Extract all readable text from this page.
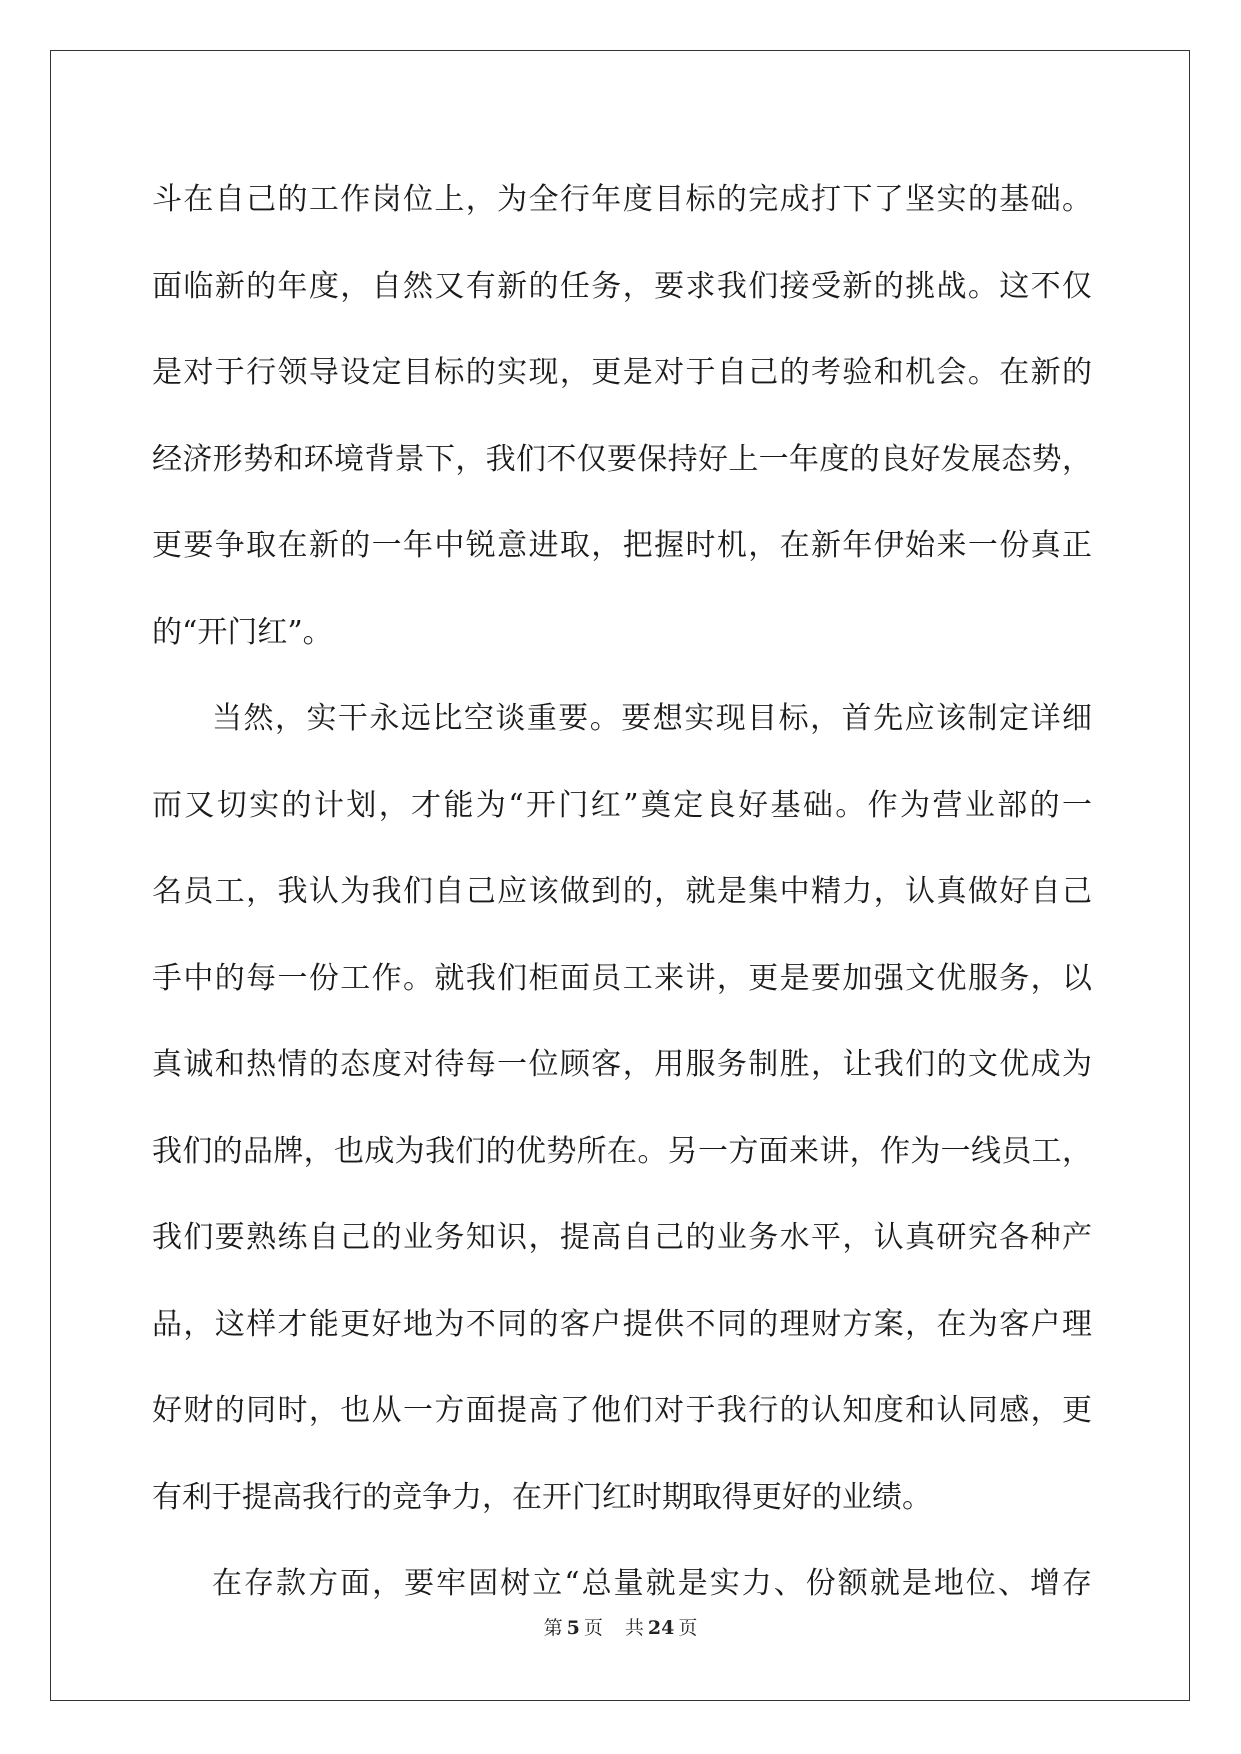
斗在自己的工作岗位上，为全行年度目标的完成打下了坚实的基础。
面临新的年度，自然又有新的任务，要求我们接受新的挑战。这不仅
是对于行领导设定目标的实现，更是对于自己的考验和机会。在新的
经济形势和环境背景下，我们不仅要保持好上一年度的良好发展态势，
更要争取在新的一年中锐意进取，把握时机，在新年伊始来一份真正
的“开门红”。
当然，实干永远比空谈重要。要想实现目标，首先应该制定详细
而又切实的计划，才能为“开门红”奠定良好基础。作为营业部的一
名员工，我认为我们自己应该做到的，就是集中精力，认真做好自己
手中的每一份工作。就我们柜面员工来讲，更是要加强文优服务，以
真诚和热情的态度对待每一位顾客，用服务制胜，让我们的文优成为
我们的品牌，也成为我们的优势所在。另一方面来讲，作为一线员工，
我们要熟练自己的业务知识，提高自己的业务水平，认真研究各种产
品，这样才能更好地为不同的客户提供不同的理财方案，在为客户理
好财的同时，也从一方面提高了他们对于我行的认知度和认同感，更
有利于提高我行的竞争力，在开门红时期取得更好的业绩。
在存款方面，要牢固树立“总量就是实力、份额就是地位、增存
第 5 页 共 24 页
